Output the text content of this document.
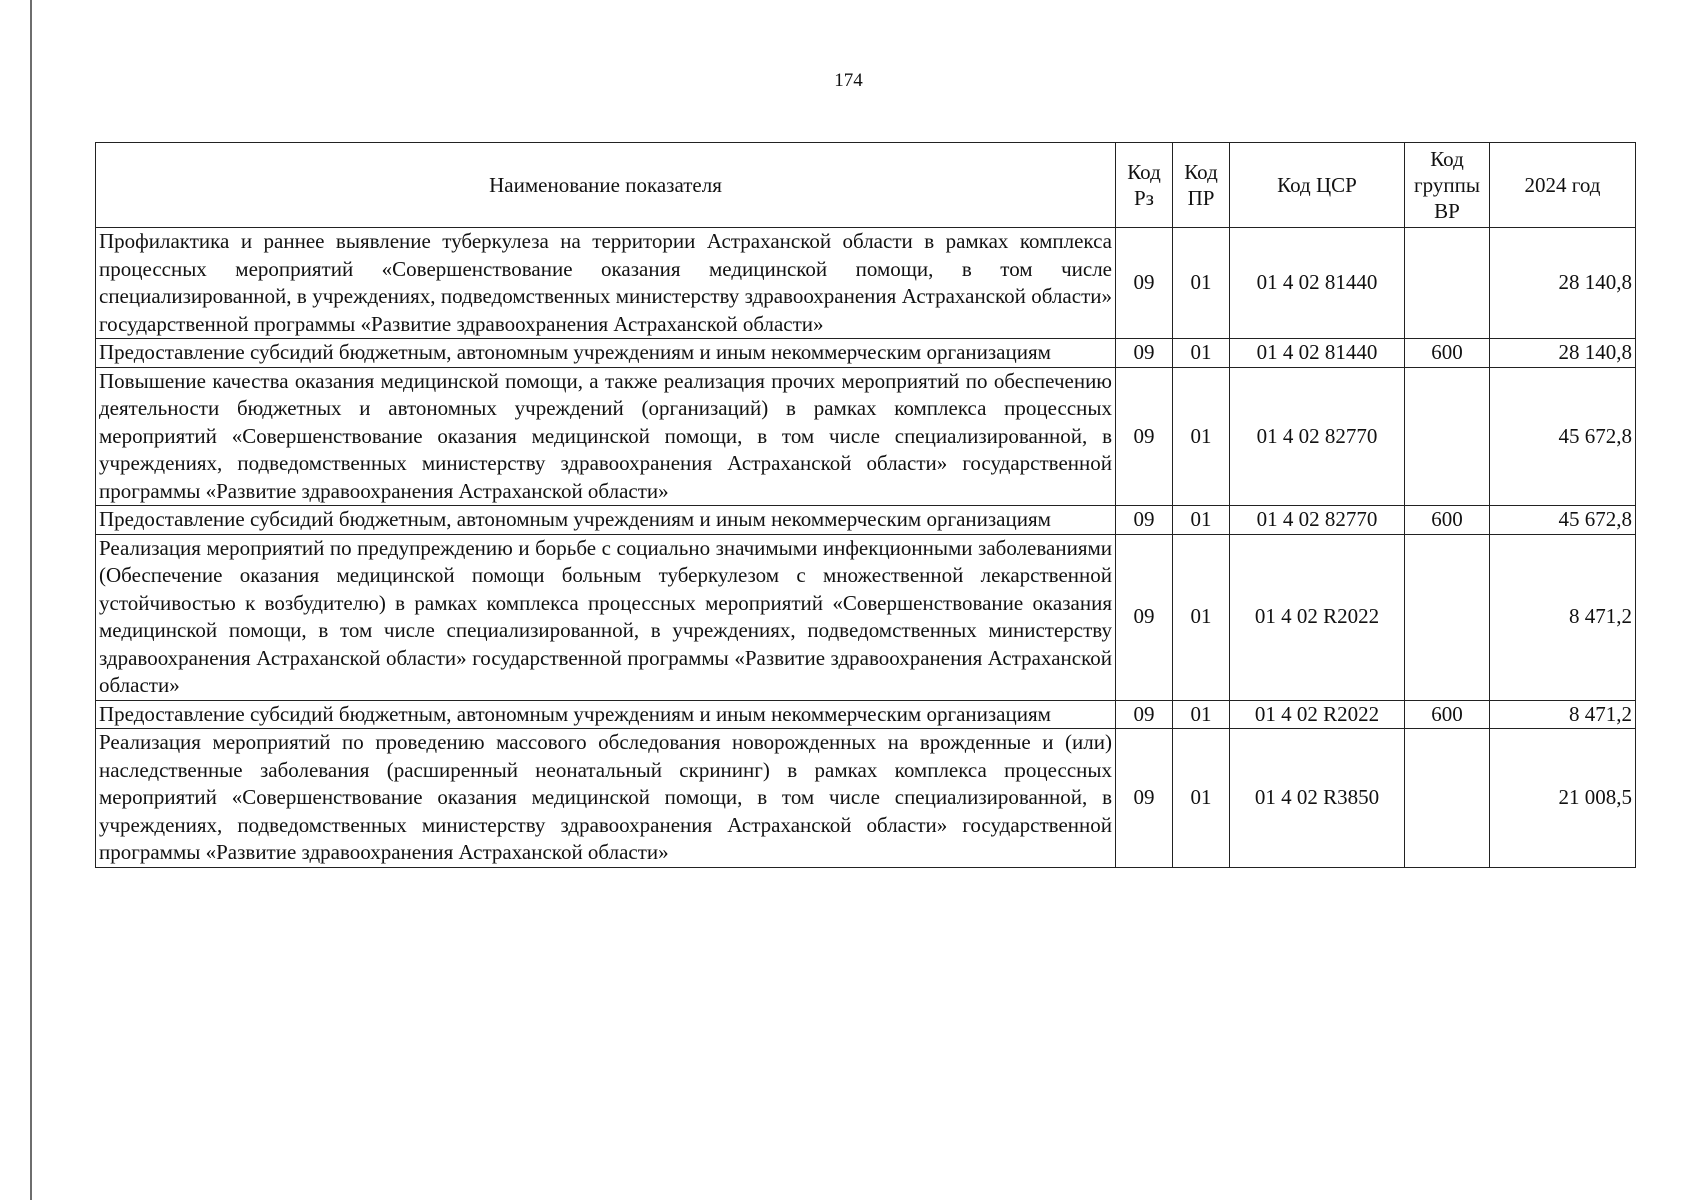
174
Наименование показателя	Код Рз	Код ПР	Код ЦСР	Код группы ВР	2024 год
Профилактика и раннее выявление туберкулеза на территории Астраханской области в рамках комплекса процессных мероприятий «Совершенствование оказания медицинской помощи, в том числе специализированной, в учреждениях, подведомственных министерству здравоохранения Астраханской области» государственной программы «Развитие здравоохранения Астраханской области»	09	01	01 4 02 81440		28 140,8
Предоставление субсидий бюджетным, автономным учреждениям и иным некоммерческим организациям	09	01	01 4 02 81440	600	28 140,8
Повышение качества оказания медицинской помощи, а также реализация прочих мероприятий по обеспечению деятельности бюджетных и автономных учреждений (организаций) в рамках комплекса процессных мероприятий «Совершенствование оказания медицинской помощи, в том числе специализированной, в учреждениях, подведомственных министерству здравоохранения Астраханской области» государственной программы «Развитие здравоохранения Астраханской области»	09	01	01 4 02 82770		45 672,8
Предоставление субсидий бюджетным, автономным учреждениям и иным некоммерческим организациям	09	01	01 4 02 82770	600	45 672,8
Реализация мероприятий по предупреждению и борьбе с социально значимыми инфекционными заболеваниями (Обеспечение оказания медицинской помощи больным туберкулезом с множественной лекарственной устойчивостью к возбудителю) в рамках комплекса процессных мероприятий «Совершенствование оказания медицинской помощи, в том числе специализированной, в учреждениях, подведомственных министерству здравоохранения Астраханской области» государственной программы «Развитие здравоохранения Астраханской области»	09	01	01 4 02 R2022		8 471,2
Предоставление субсидий бюджетным, автономным учреждениям и иным некоммерческим организациям	09	01	01 4 02 R2022	600	8 471,2
Реализация мероприятий по проведению массового обследования новорожденных на врожденные и (или) наследственные заболевания (расширенный неонатальный скрининг) в рамках комплекса процессных мероприятий «Совершенствование оказания медицинской помощи, в том числе специализированной, в учреждениях, подведомственных министерству здравоохранения Астраханской области» государственной программы «Развитие здравоохранения Астраханской области»	09	01	01 4 02 R3850		21 008,5
